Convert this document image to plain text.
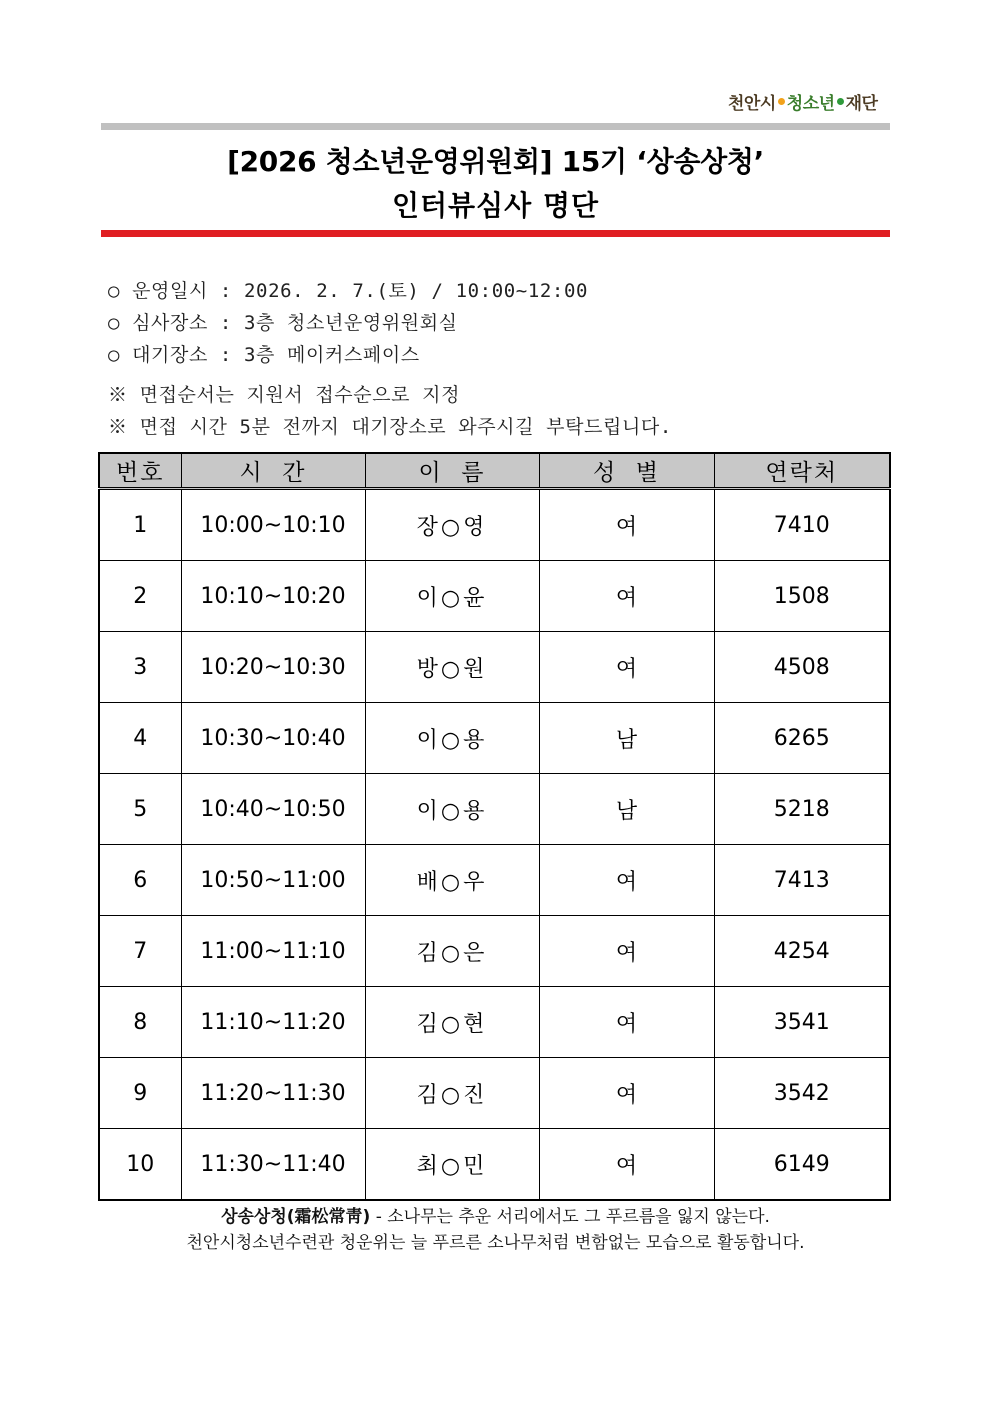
천안시 청소년 재단
[2026 청소년운영위원회] 15기 ‘상송상청’
인터뷰심사 명단
○ 운영일시 : 2026. 2. 7.(토) / 10:00~12:00
○ 심사장소 : 3층 청소년운영위원회실
○ 대기장소 : 3층 메이커스페이스
※ 면접순서는 지원서 접수순으로 지정
※ 면접 시간 5분 전까지 대기장소로 와주시길 부탁드립니다.
번호	시  간	이  름	성  별	연락처
1	10:00~10:10	장○영	여	7410
2	10:10~10:20	이○윤	여	1508
3	10:20~10:30	방○원	여	4508
4	10:30~10:40	이○용	남	6265
5	10:40~10:50	이○용	남	5218
6	10:50~11:00	배○우	여	7413
7	11:00~11:10	김○은	여	4254
8	11:10~11:20	김○현	여	3541
9	11:20~11:30	김○진	여	3542
10	11:30~11:40	최○민	여	6149
상송상청(霜松常靑) - 소나무는 추운 서리에서도 그 푸르름을 잃지 않는다.
천안시청소년수련관 청운위는 늘 푸르른 소나무처럼 변함없는 모습으로 활동합니다.
